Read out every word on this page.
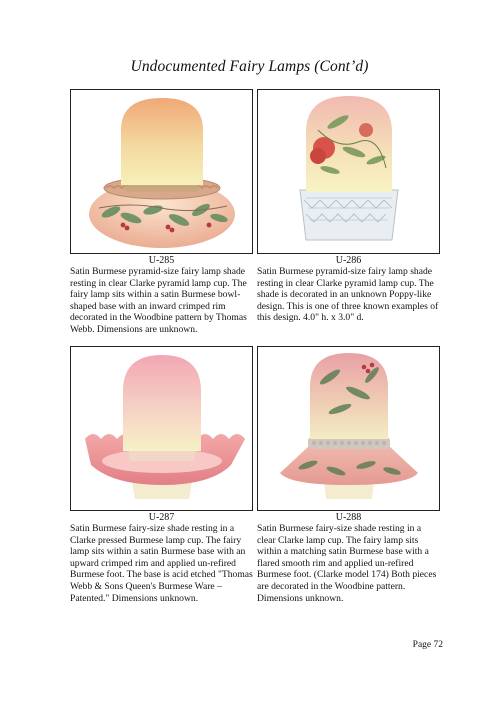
Undocumented Fairy Lamps (Cont’d)
U-285
Satin Burmese pyramid-size fairy lamp shade resting in clear Clarke pyramid lamp cup. The fairy lamp sits within a satin Burmese bowl-shaped base with an inward crimped rim decorated in the Woodbine pattern by Thomas Webb. Dimensions are unknown.
U-286
Satin Burmese pyramid-size fairy lamp shade resting in clear Clarke pyramid lamp cup. The shade is decorated in an unknown Poppy-like design. This is one of three known examples of this design. 4.0" h. x 3.0" d.
U-287
Satin Burmese fairy-size shade resting in a Clarke pressed Burmese lamp cup. The fairy lamp sits within a satin Burmese base with an upward crimped rim and applied un-refired Burmese foot. The base is acid etched "Thomas Webb & Sons Queen's Burmese Ware – Patented." Dimensions unknown.
U-288
Satin Burmese fairy-size shade resting in a clear Clarke lamp cup. The fairy lamp sits within a matching satin Burmese base with a flared smooth rim and applied un-refired Burmese foot. (Clarke model 174) Both pieces are decorated in the Woodbine pattern. Dimensions unknown.
Page 72
